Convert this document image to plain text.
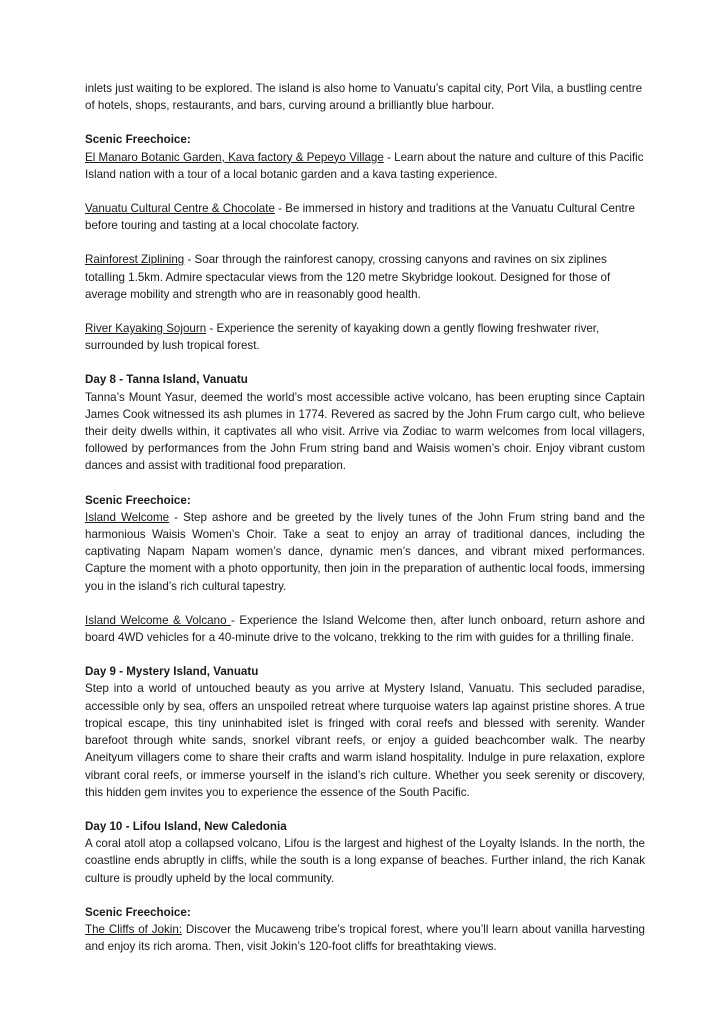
inlets just waiting to be explored. The island is also home to Vanuatu’s capital city, Port Vila, a bustling centre of hotels, shops, restaurants, and bars, curving around a brilliantly blue harbour.

Scenic Freechoice:

El Manaro Botanic Garden, Kava factory & Pepeyo Village - Learn about the nature and culture of this Pacific Island nation with a tour of a local botanic garden and a kava tasting experience.

Vanuatu Cultural Centre & Chocolate - Be immersed in history and traditions at the Vanuatu Cultural Centre before touring and tasting at a local chocolate factory.

Rainforest Ziplining - Soar through the rainforest canopy, crossing canyons and ravines on six ziplines totalling 1.5km. Admire spectacular views from the 120 metre Skybridge lookout. Designed for those of average mobility and strength who are in reasonably good health.

River Kayaking Sojourn - Experience the serenity of kayaking down a gently flowing freshwater river, surrounded by lush tropical forest.

Day 8 - Tanna Island, Vanuatu

Tanna’s Mount Yasur, deemed the world’s most accessible active volcano, has been erupting since Captain James Cook witnessed its ash plumes in 1774. Revered as sacred by the John Frum cargo cult, who believe their deity dwells within, it captivates all who visit. Arrive via Zodiac to warm welcomes from local villagers, followed by performances from the John Frum string band and Waisis women’s choir. Enjoy vibrant custom dances and assist with traditional food preparation.

Scenic Freechoice:

Island Welcome - Step ashore and be greeted by the lively tunes of the John Frum string band and the harmonious Waisis Women’s Choir. Take a seat to enjoy an array of traditional dances, including the captivating Napam Napam women’s dance, dynamic men’s dances, and vibrant mixed performances. Capture the moment with a photo opportunity, then join in the preparation of authentic local foods, immersing you in the island’s rich cultural tapestry.

Island Welcome & Volcano - Experience the Island Welcome then, after lunch onboard, return ashore and board 4WD vehicles for a 40-minute drive to the volcano, trekking to the rim with guides for a thrilling finale.

Day 9 - Mystery Island, Vanuatu

Step into a world of untouched beauty as you arrive at Mystery Island, Vanuatu. This secluded paradise, accessible only by sea, offers an unspoiled retreat where turquoise waters lap against pristine shores. A true tropical escape, this tiny uninhabited islet is fringed with coral reefs and blessed with serenity. Wander barefoot through white sands, snorkel vibrant reefs, or enjoy a guided beachcomber walk. The nearby Aneityum villagers come to share their crafts and warm island hospitality. Indulge in pure relaxation, explore vibrant coral reefs, or immerse yourself in the island’s rich culture. Whether you seek serenity or discovery, this hidden gem invites you to experience the essence of the South Pacific.

Day 10 - Lifou Island, New Caledonia

A coral atoll atop a collapsed volcano, Lifou is the largest and highest of the Loyalty Islands. In the north, the coastline ends abruptly in cliffs, while the south is a long expanse of beaches. Further inland, the rich Kanak culture is proudly upheld by the local community.

Scenic Freechoice:

The Cliffs of Jokin: Discover the Mucaweng tribe’s tropical forest, where you’ll learn about vanilla harvesting and enjoy its rich aroma. Then, visit Jokin’s 120-foot cliffs for breathtaking views.
